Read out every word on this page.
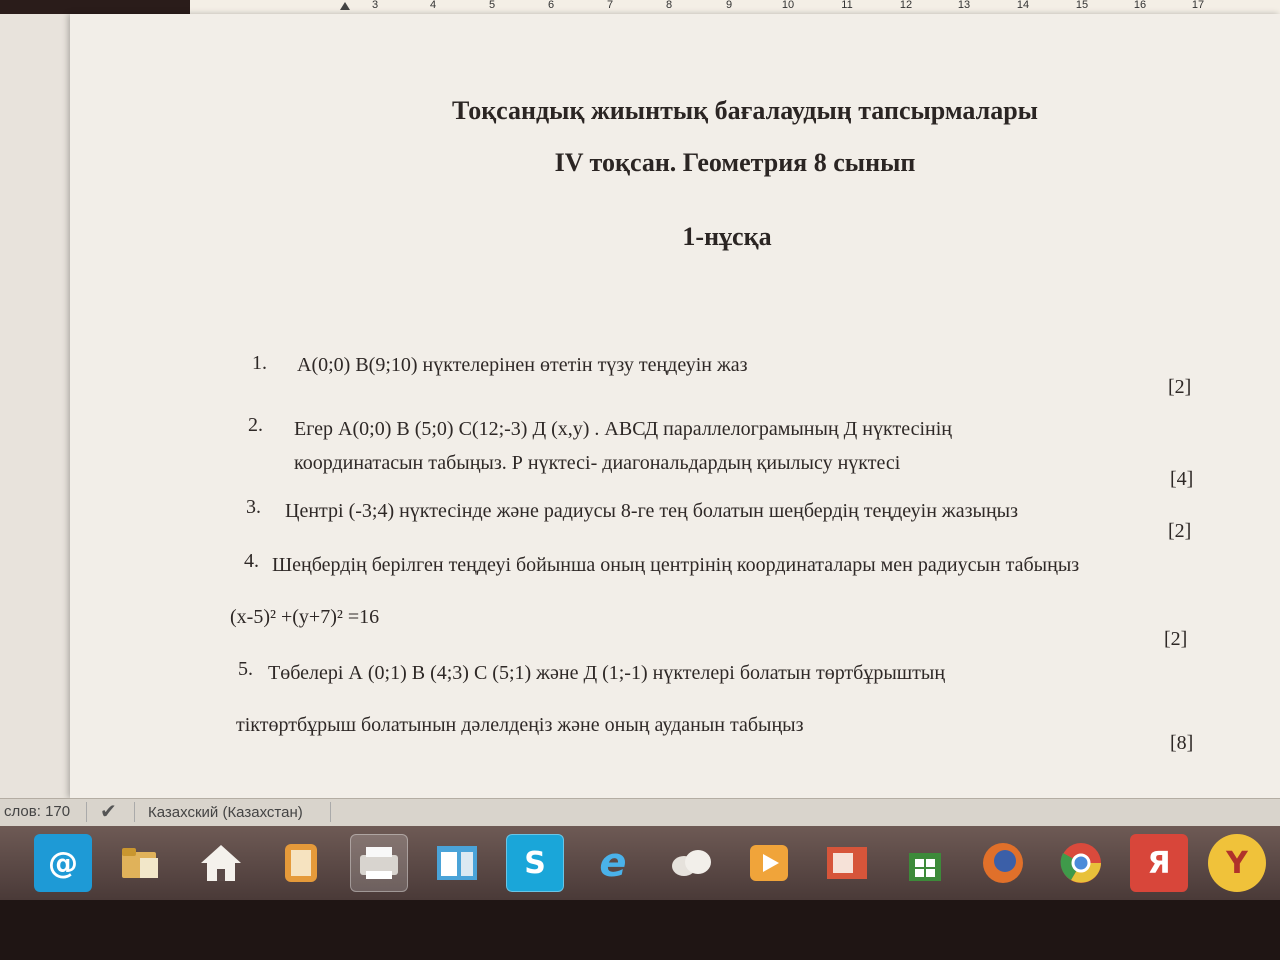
3	4	5	6	7	8	9	10	11	12	13	14	15	16	17
Тоқсандық жиынтық бағалаудың тапсырмалары
IV тоқсан. Геометрия 8 сынып
1-нұсқа
1. А(0;0) В(9;10) нүктелерінен өтетін түзу теңдеуін жаз
[2]
2. Егер А(0;0) В (5;0) С(12;-3) Д (х,у) . АВСД параллелограмының Д нүктесінің
координатасын табыңыз. Р нүктесі- диагональдардың қиылысу нүктесі
[4]
3. Центрі (-3;4) нүктесінде және радиусы 8-ге тең болатын шеңбердің теңдеуін жазыңыз
[2]
4. Шеңбердің берілген теңдеуі бойынша оның центрінің координаталары мен радиусын табыңыз
(х-5)² +(у+7)² =16
[2]
5. Төбелері А (0;1) В (4;3) С (5;1) және Д (1;-1) нүктелері болатын төртбұрыштың
тіктөртбұрыш болатынын дәлелдеңіз және оның ауданын табыңыз
[8]
слов: 170 ✔ Казахский (Казахстан)
@	S	e	Я	Y
